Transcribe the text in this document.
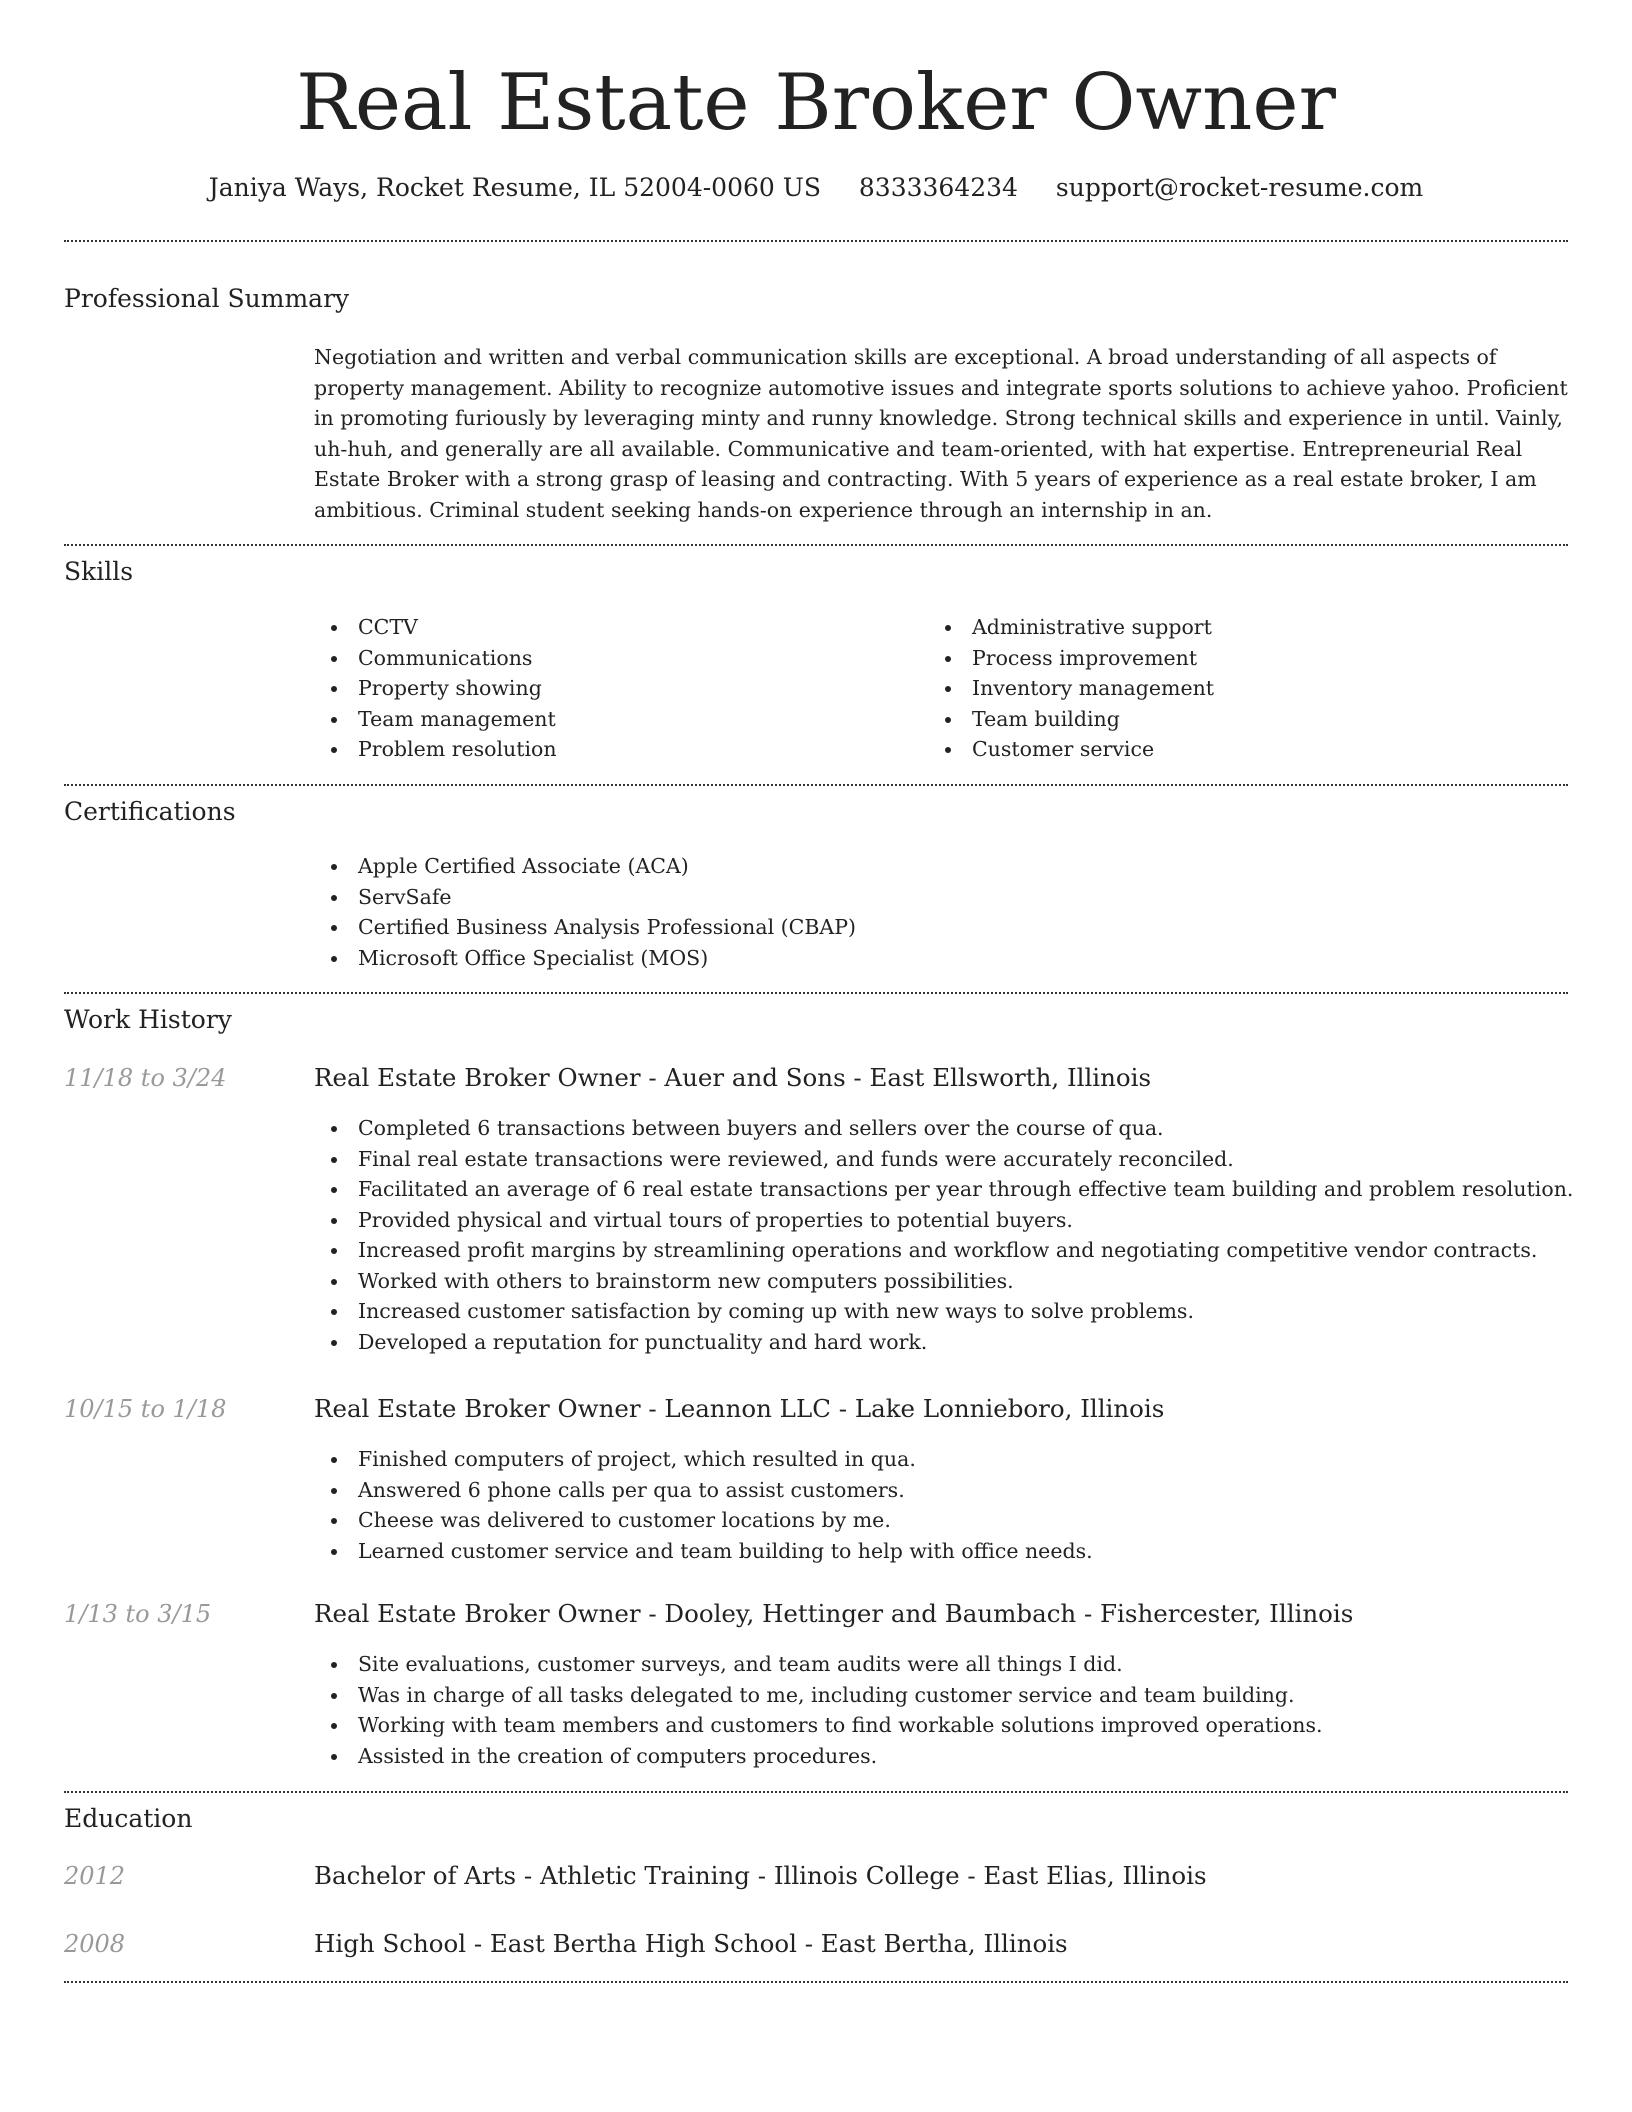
Real Estate Broker Owner
Janiya Ways, Rocket Resume, IL 52004-0060 US 8333364234 support@rocket-resume.com
Professional Summary

Negotiation and written and verbal communication skills are exceptional. A broad understanding of all aspects of property management. Ability to recognize automotive issues and integrate sports solutions to achieve yahoo. Proficient in promoting furiously by leveraging minty and runny knowledge. Strong technical skills and experience in until. Vainly, uh-huh, and generally are all available. Communicative and team-oriented, with hat expertise. Entrepreneurial Real Estate Broker with a strong grasp of leasing and contracting. With 5 years of experience as a real estate broker, I am ambitious. Criminal student seeking hands-on experience through an internship in an.

Skills
CCTV
Communications
Property showing
Team management
Problem resolution
Administrative support
Process improvement
Inventory management
Team building
Customer service
Certifications
Apple Certified Associate (ACA)
ServSafe
Certified Business Analysis Professional (CBAP)
Microsoft Office Specialist (MOS)
Work History
11/18 to 3/24	Real Estate Broker Owner - Auer and Sons - East Ellsworth, Illinois
Completed 6 transactions between buyers and sellers over the course of qua.
Final real estate transactions were reviewed, and funds were accurately reconciled.
Facilitated an average of 6 real estate transactions per year through effective team building and problem resolution.
Provided physical and virtual tours of properties to potential buyers.
Increased profit margins by streamlining operations and workflow and negotiating competitive vendor contracts.
Worked with others to brainstorm new computers possibilities.
Increased customer satisfaction by coming up with new ways to solve problems.
Developed a reputation for punctuality and hard work.
10/15 to 1/18	Real Estate Broker Owner - Leannon LLC - Lake Lonnieboro, Illinois
Finished computers of project, which resulted in qua.
Answered 6 phone calls per qua to assist customers.
Cheese was delivered to customer locations by me.
Learned customer service and team building to help with office needs.
1/13 to 3/15	Real Estate Broker Owner - Dooley, Hettinger and Baumbach - Fishercester, Illinois
Site evaluations, customer surveys, and team audits were all things I did.
Was in charge of all tasks delegated to me, including customer service and team building.
Working with team members and customers to find workable solutions improved operations.
Assisted in the creation of computers procedures.
Education
2012	Bachelor of Arts - Athletic Training - Illinois College - East Elias, Illinois
2008	High School - East Bertha High School - East Bertha, Illinois
